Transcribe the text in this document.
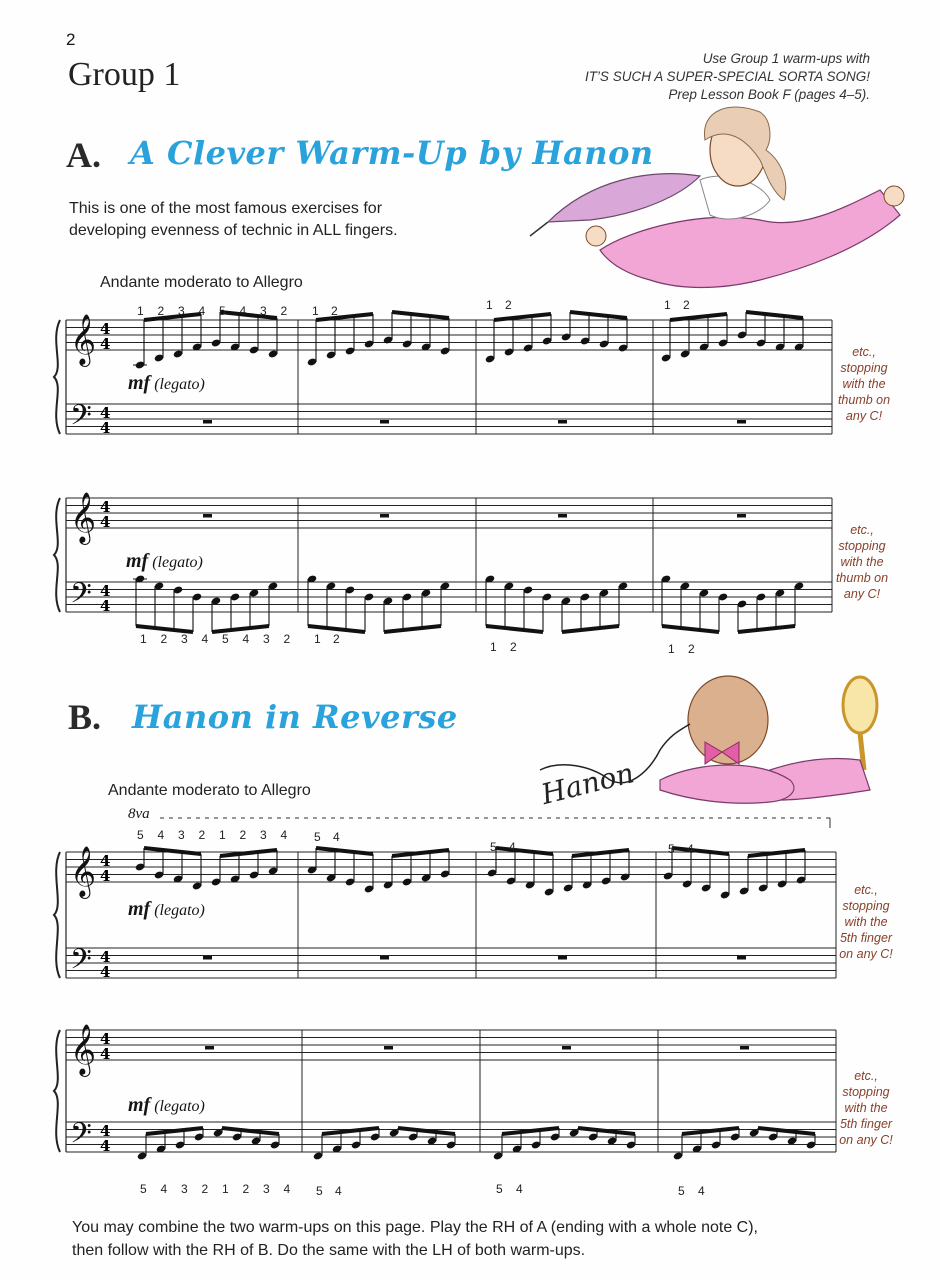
2
Group 1	Use Group 1 warm-ups with
IT’S SUCH A SUPER-SPECIAL SORTA SONG!
Prep Lesson Book F (pages 4–5).
A. A Clever Warm-Up by Hanon
This is one of the most famous exercises for
developing evenness of technic in ALL fingers.
Andante moderato to Allegro
B. Hanon in Reverse
Andante moderato to Allegro
8va
mf (legato)
mf (legato)
mf (legato)
mf (legato)
etc.,
stopping
with the
thumb on
any C!
etc.,
stopping
with the
thumb on
any C!
etc.,
stopping
with the
5th finger
on any C!
etc.,
stopping
with the
5th finger
on any C!
Hanon
𝄞
𝄢
4
4
4
4
𝄞
𝄢
4
4
4
4
𝄞
𝄢
4
4
4
4
𝄞
𝄢
4
4
4
4
1 2 3 4 5 4 3 2 1 2	1 2	1 2
1 2 3 4 5 4 3 2 1 2
1 2	1 2
5 4 3 2 1 2 3 4 5 4
5 4	5 4
5 4 3 2 1 2 3 4 5 4	5 4	5 4
You may combine the two warm-ups on this page. Play the RH of A (ending with a whole note C),
then follow with the RH of B. Do the same with the LH of both warm-ups.
